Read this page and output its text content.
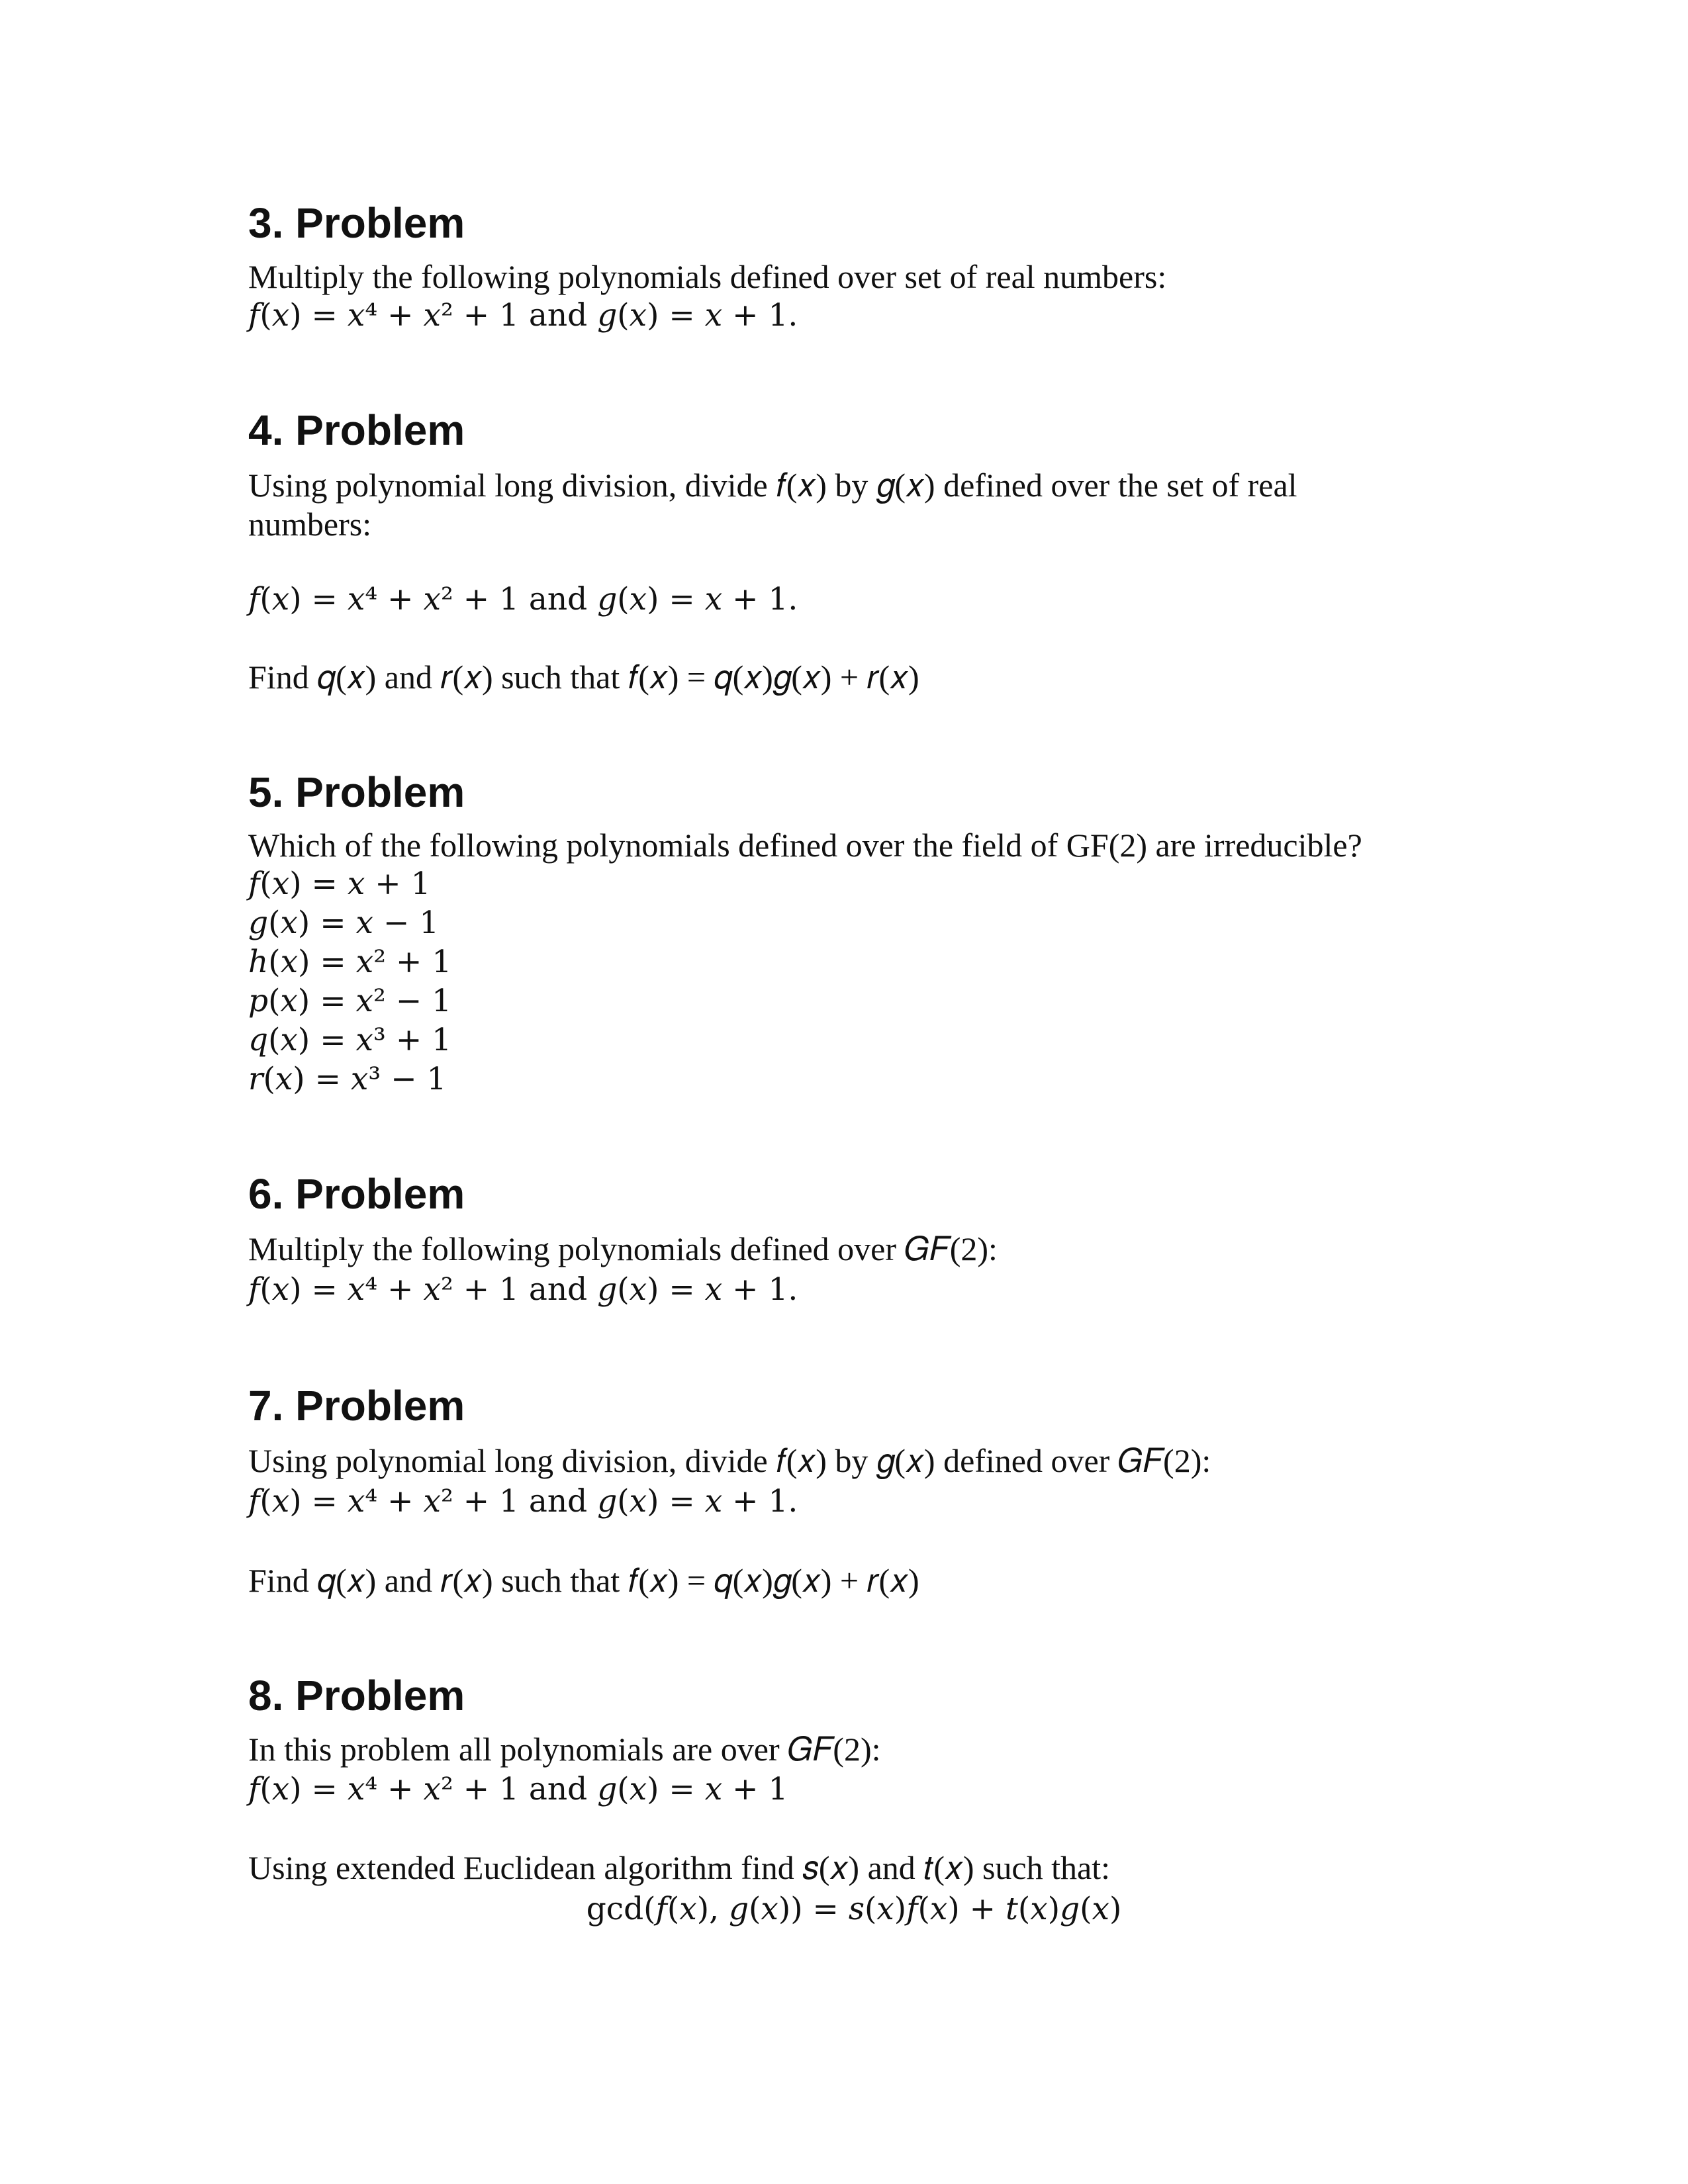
3. Problem
Multiply the following polynomials defined over set of real numbers:
𝑓(𝑥) = 𝑥⁴ + 𝑥² + 1 and 𝑔(𝑥) = 𝑥 + 1.
4. Problem
Using polynomial long division, divide 𝑓(𝑥) by 𝑔(𝑥) defined over the set of real
numbers:
𝑓(𝑥) = 𝑥⁴ + 𝑥² + 1 and 𝑔(𝑥) = 𝑥 + 1.
Find 𝑞(𝑥) and 𝑟(𝑥) such that 𝑓(𝑥) = 𝑞(𝑥)𝑔(𝑥) + 𝑟(𝑥)
5. Problem
Which of the following polynomials defined over the field of GF(2) are irreducible?
𝑓(𝑥) = 𝑥 + 1
𝑔(𝑥) = 𝑥 − 1
ℎ(𝑥) = 𝑥² + 1
𝑝(𝑥) = 𝑥² − 1
𝑞(𝑥) = 𝑥³ + 1
𝑟(𝑥) = 𝑥³ − 1
6. Problem
Multiply the following polynomials defined over 𝐺𝐹(2):
𝑓(𝑥) = 𝑥⁴ + 𝑥² + 1 and 𝑔(𝑥) = 𝑥 + 1.
7. Problem
Using polynomial long division, divide 𝑓(𝑥) by 𝑔(𝑥) defined over 𝐺𝐹(2):
𝑓(𝑥) = 𝑥⁴ + 𝑥² + 1 and 𝑔(𝑥) = 𝑥 + 1.
Find 𝑞(𝑥) and 𝑟(𝑥) such that 𝑓(𝑥) = 𝑞(𝑥)𝑔(𝑥) + 𝑟(𝑥)
8. Problem
In this problem all polynomials are over 𝐺𝐹(2):
𝑓(𝑥) = 𝑥⁴ + 𝑥² + 1 and 𝑔(𝑥) = 𝑥 + 1
Using extended Euclidean algorithm find 𝑠(𝑥) and 𝑡(𝑥) such that:
gcd(𝑓(𝑥), 𝑔(𝑥)) = 𝑠(𝑥)𝑓(𝑥) + 𝑡(𝑥)𝑔(𝑥)
